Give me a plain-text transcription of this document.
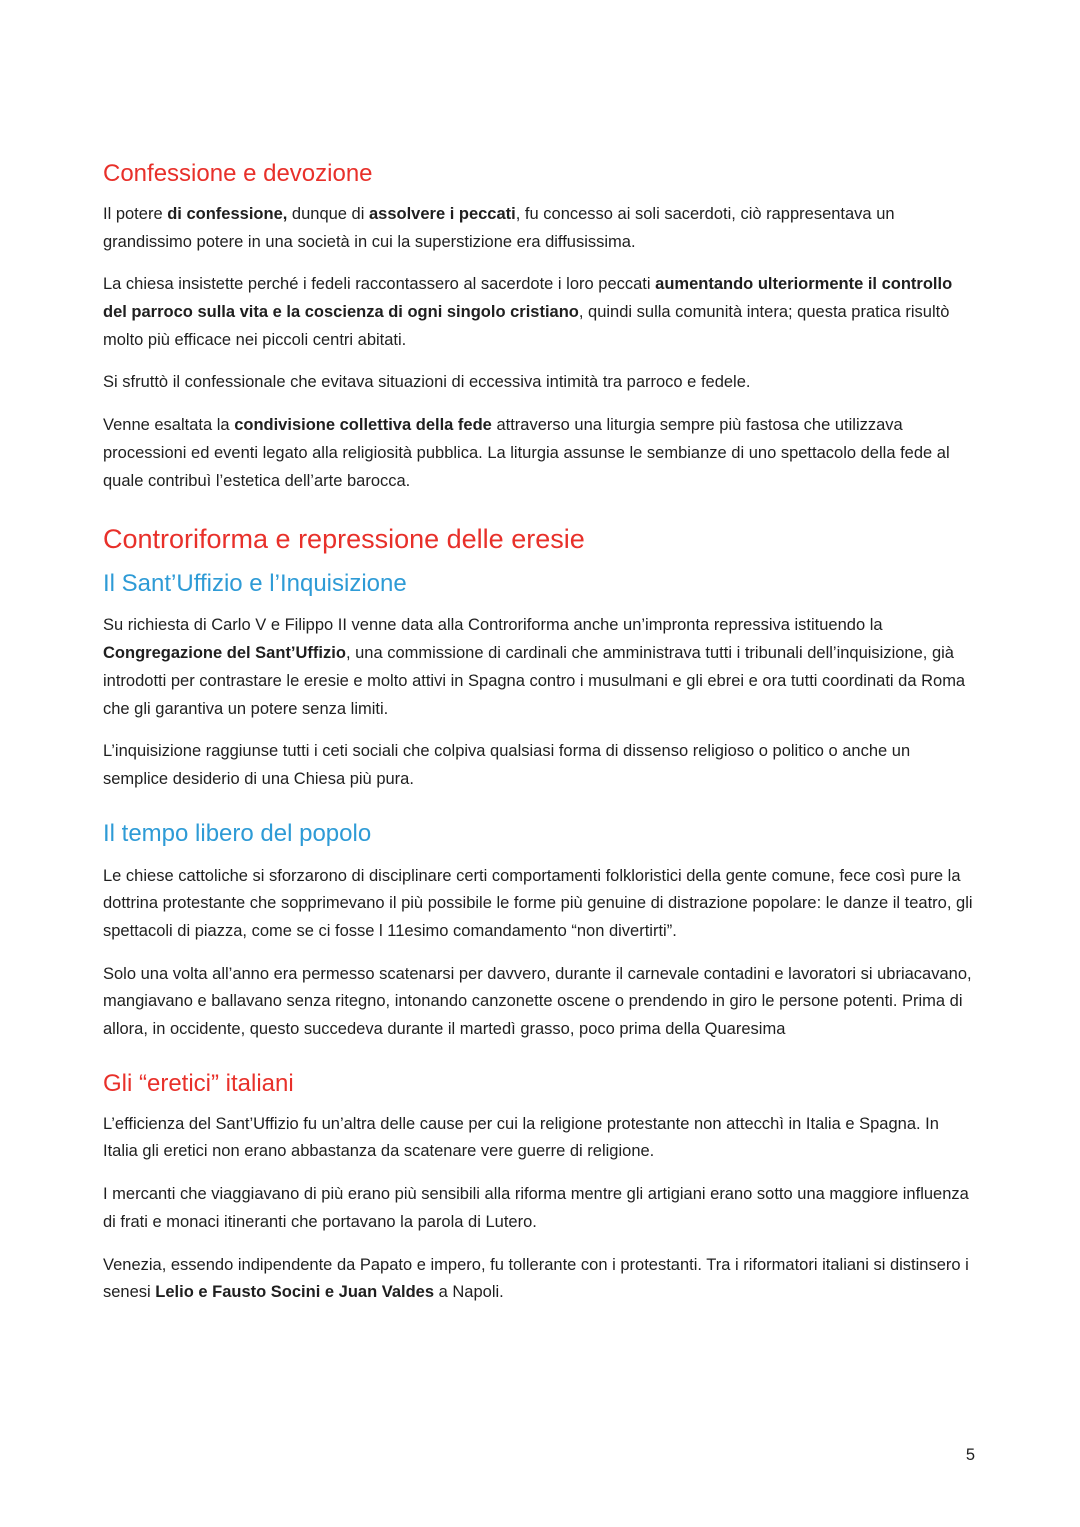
Confessione e devozione

Il potere di confessione, dunque di assolvere i peccati, fu concesso ai soli sacerdoti, ciò rappresentava un grandissimo potere in una società in cui la superstizione era diffusissima.

La chiesa insistette perché i fedeli raccontassero al sacerdote i loro peccati aumentando ulteriormente il controllo del parroco sulla vita e la coscienza di ogni singolo cristiano, quindi sulla comunità intera; questa pratica risultò molto più efficace nei piccoli centri abitati.

Si sfruttò il confessionale che evitava situazioni di eccessiva intimità tra parroco e fedele.

Venne esaltata la condivisione collettiva della fede attraverso una liturgia sempre più fastosa che utilizzava processioni ed eventi legato alla religiosità pubblica. La liturgia assunse le sembianze di uno spettacolo della fede al quale contribuì l’estetica dell’arte barocca.

Controriforma e repressione delle eresie
Il Sant’Uffizio e l’Inquisizione

Su richiesta di Carlo V e Filippo II venne data alla Controriforma anche un’impronta repressiva istituendo la Congregazione del Sant’Uffizio, una commissione di cardinali che amministrava tutti i tribunali dell’inquisizione, già introdotti per contrastare le eresie e molto attivi in Spagna contro i musulmani e gli ebrei e ora tutti coordinati da Roma che gli garantiva un potere senza limiti.

L’inquisizione raggiunse tutti i ceti sociali che colpiva qualsiasi forma di dissenso religioso o politico o anche un semplice desiderio di una Chiesa più pura.

Il tempo libero del popolo

Le chiese cattoliche si sforzarono di disciplinare certi comportamenti folkloristici della gente comune, fece così pure la dottrina protestante che sopprimevano il più possibile le forme più genuine di distrazione popolare: le danze il teatro, gli spettacoli di piazza, come se ci fosse l 11esimo comandamento “non divertirti”.

Solo una volta all’anno era permesso scatenarsi per davvero, durante il carnevale contadini e lavoratori si ubriacavano, mangiavano e ballavano senza ritegno, intonando canzonette oscene o prendendo in giro le persone potenti. Prima di allora, in occidente, questo succedeva durante il martedì grasso, poco prima della Quaresima

Gli “eretici” italiani

L’efficienza del Sant’Uffizio fu un’altra delle cause per cui la religione protestante non attecchì in Italia e Spagna. In Italia gli eretici non erano abbastanza da scatenare vere guerre di religione.

I mercanti che viaggiavano di più erano più sensibili alla riforma mentre gli artigiani erano sotto una maggiore influenza di frati e monaci itineranti che portavano la parola di Lutero.

Venezia, essendo indipendente da Papato e impero, fu tollerante con i protestanti. Tra i riformatori italiani si distinsero i senesi Lelio e Fausto Socini e Juan Valdes a Napoli.

5
